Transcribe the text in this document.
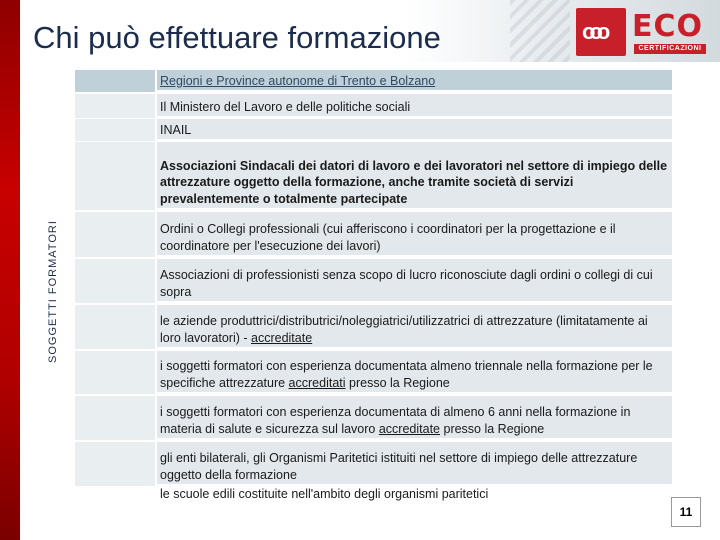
Chi può effettuare formazione	ooo ECO
CERTIFICAZIONI
SOGGETTI FORMATORI
Regioni e Province autonome di Trento e Bolzano
Il Ministero del Lavoro e delle politiche sociali
INAIL
Associazioni Sindacali dei datori di lavoro e dei lavoratori nel settore di impiego delle attrezzature oggetto della formazione, anche tramite società di servizi prevalentemente o totalmente partecipate
Ordini o Collegi professionali (cui afferiscono i coordinatori per la progettazione e il coordinatore per l'esecuzione dei lavori)
Associazioni di professionisti senza scopo di lucro riconosciute dagli ordini o collegi di cui sopra
le aziende produttrici/distributrici/noleggiatrici/utilizzatrici di attrezzature (limitatamente ai loro lavoratori) - accreditate
i soggetti formatori con esperienza documentata almeno triennale nella formazione per le specifiche attrezzature accreditati presso la Regione
i soggetti formatori con esperienza documentata di almeno 6 anni nella formazione in materia di salute e sicurezza sul lavoro accreditate presso la Regione
gli enti bilaterali, gli Organismi Paritetici istituiti nel settore di impiego delle attrezzature oggetto della formazione
le scuole edili costituite nell'ambito degli organismi paritetici
11
